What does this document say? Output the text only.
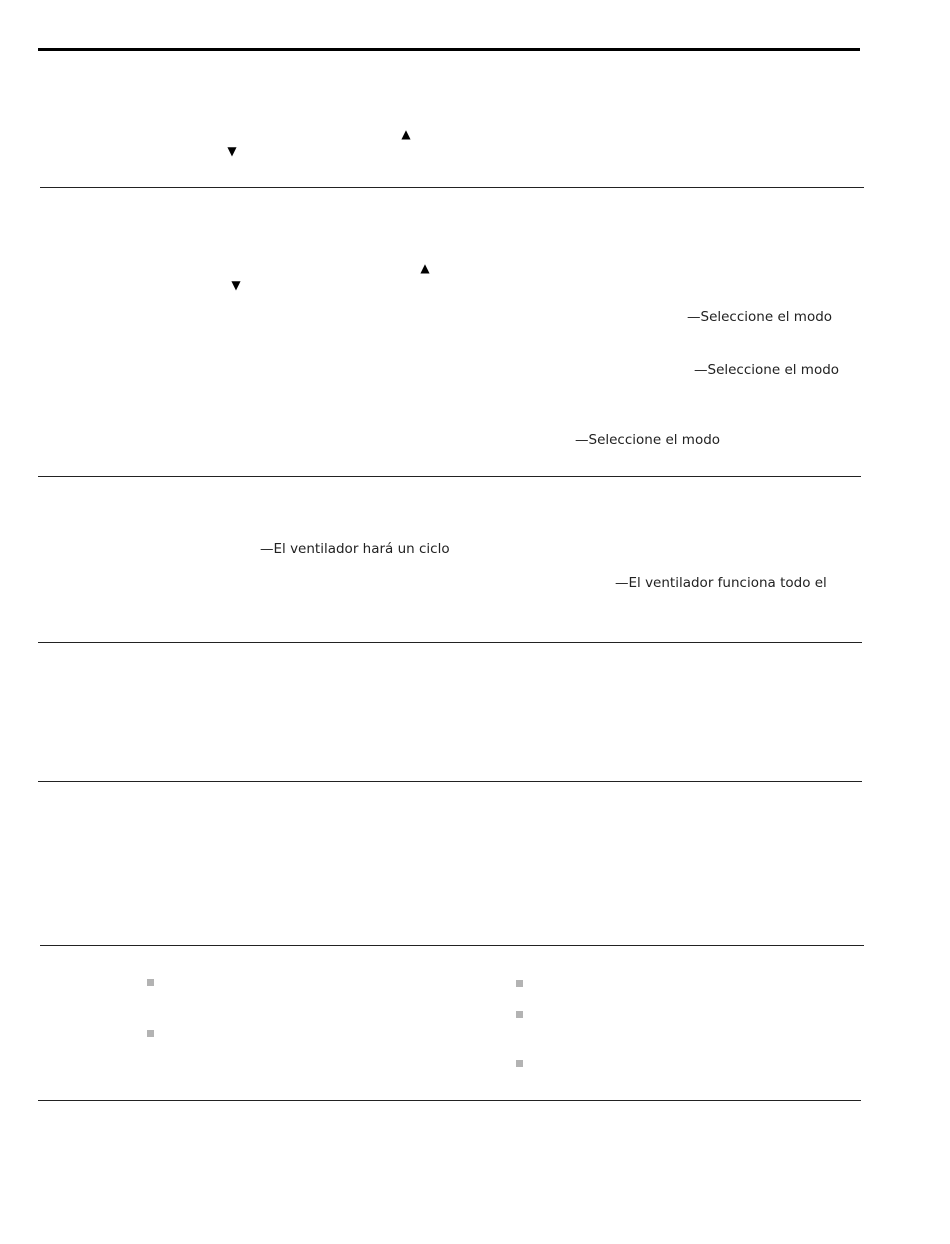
▲
▼
▲
▼
—Seleccione el modo
—Seleccione el modo
—Seleccione el modo
—El ventilador hará un ciclo
—El ventilador funciona todo el
